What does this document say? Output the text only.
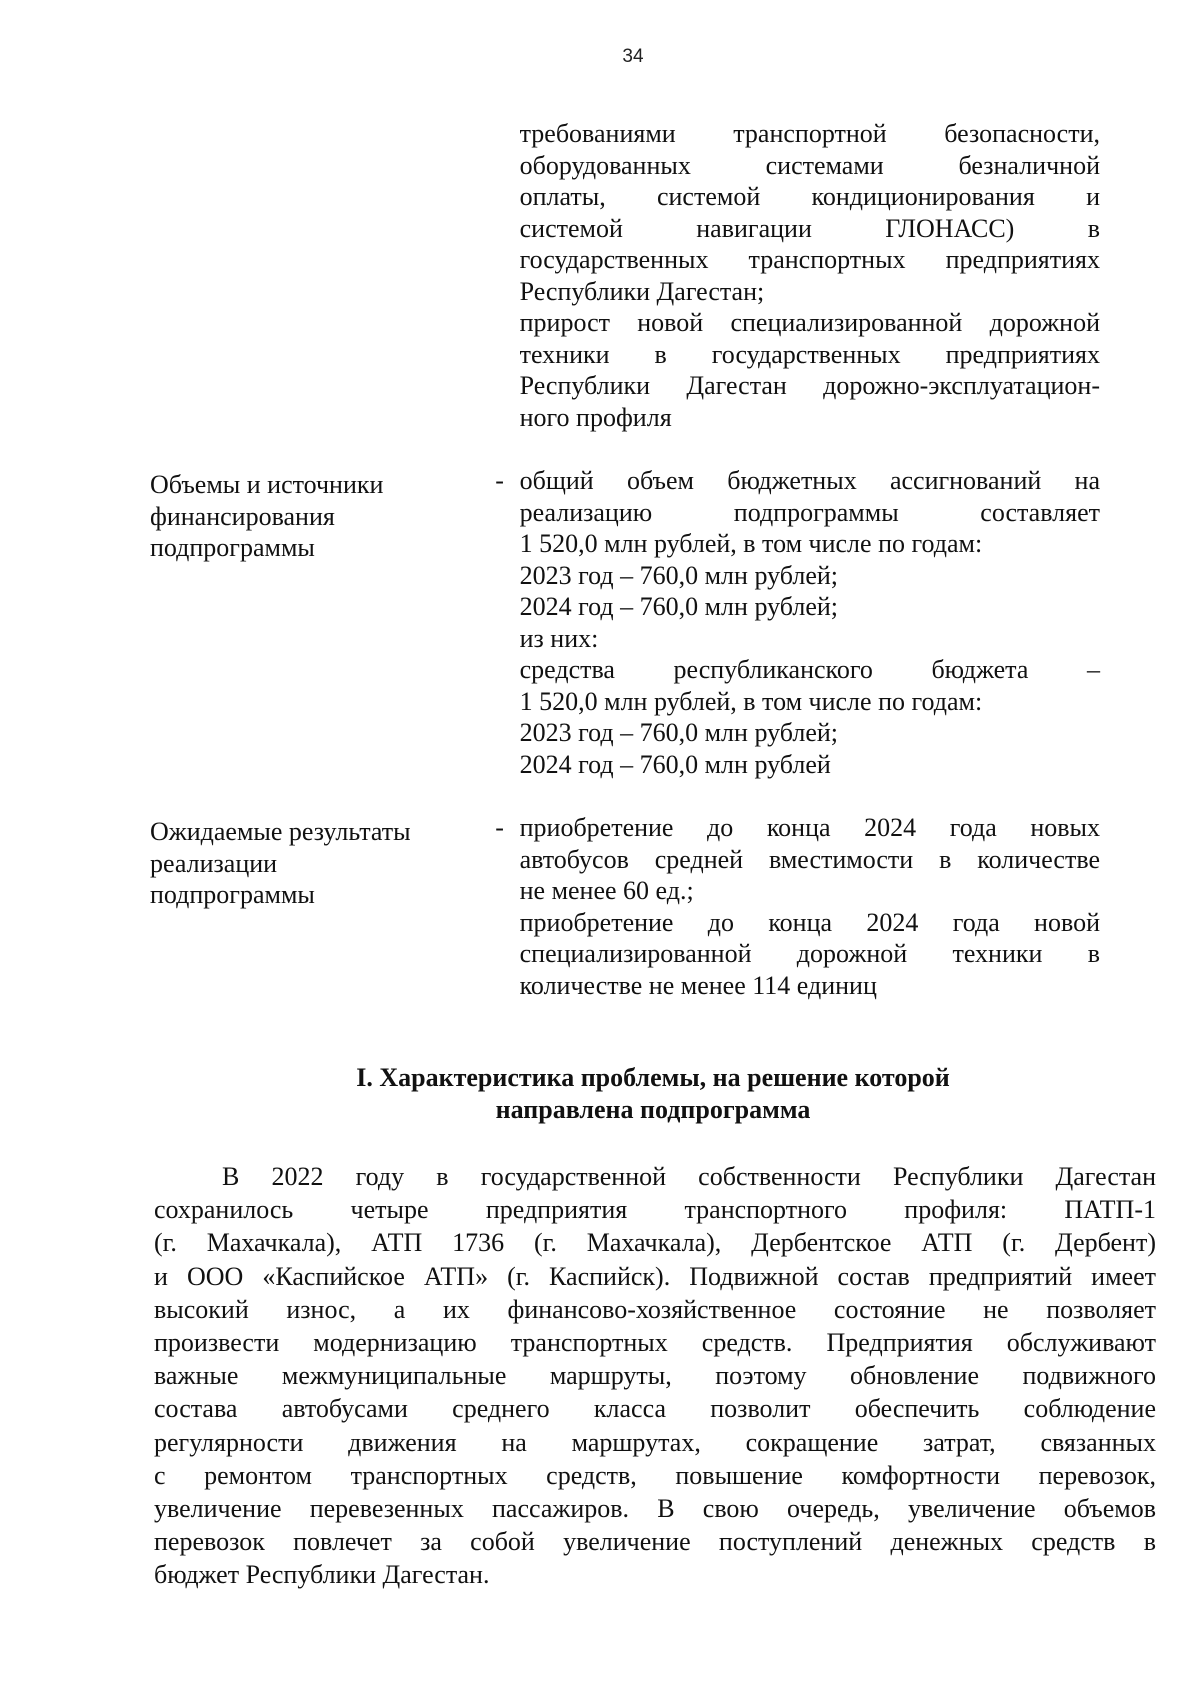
34
требованиями транспортной безопасности,
оборудованных системами безналичной
оплаты, системой кондиционирования и
системой навигации ГЛОНАСС) в
государственных транспортных предприятиях
Республики Дагестан;
прирост новой специализированной дорожной
техники в государственных предприятиях
Республики Дагестан дорожно-эксплуатацион-
ного профиля
Объемы и источники
финансирования
подпрограммы
- общий объем бюджетных ассигнований на
реализацию подпрограммы составляет
1 520,0 млн рублей, в том числе по годам:
2023 год – 760,0 млн рублей;
2024 год – 760,0 млн рублей;
из них:
средства республиканского бюджета –
1 520,0 млн рублей, в том числе по годам:
2023 год – 760,0 млн рублей;
2024 год – 760,0 млн рублей
Ожидаемые результаты
реализации
подпрограммы
- приобретение до конца 2024 года новых
автобусов средней вместимости в количестве
не менее 60 ед.;
приобретение до конца 2024 года новой
специализированной дорожной техники в
количестве не менее 114 единиц
I. Характеристика проблемы, на решение которой
направлена подпрограмма
В 2022 году в государственной собственности Республики Дагестан
сохранилось четыре предприятия транспортного профиля: ПАТП-1
(г. Махачкала), АТП 1736 (г. Махачкала), Дербентское АТП (г. Дербент)
и ООО «Каспийское АТП» (г. Каспийск). Подвижной состав предприятий имеет
высокий износ, а их финансово-хозяйственное состояние не позволяет
произвести модернизацию транспортных средств. Предприятия обслуживают
важные межмуниципальные маршруты, поэтому обновление подвижного
состава автобусами среднего класса позволит обеспечить соблюдение
регулярности движения на маршрутах, сокращение затрат, связанных
с ремонтом транспортных средств, повышение комфортности перевозок,
увеличение перевезенных пассажиров. В свою очередь, увеличение объемов
перевозок повлечет за собой увеличение поступлений денежных средств в
бюджет Республики Дагестан.
